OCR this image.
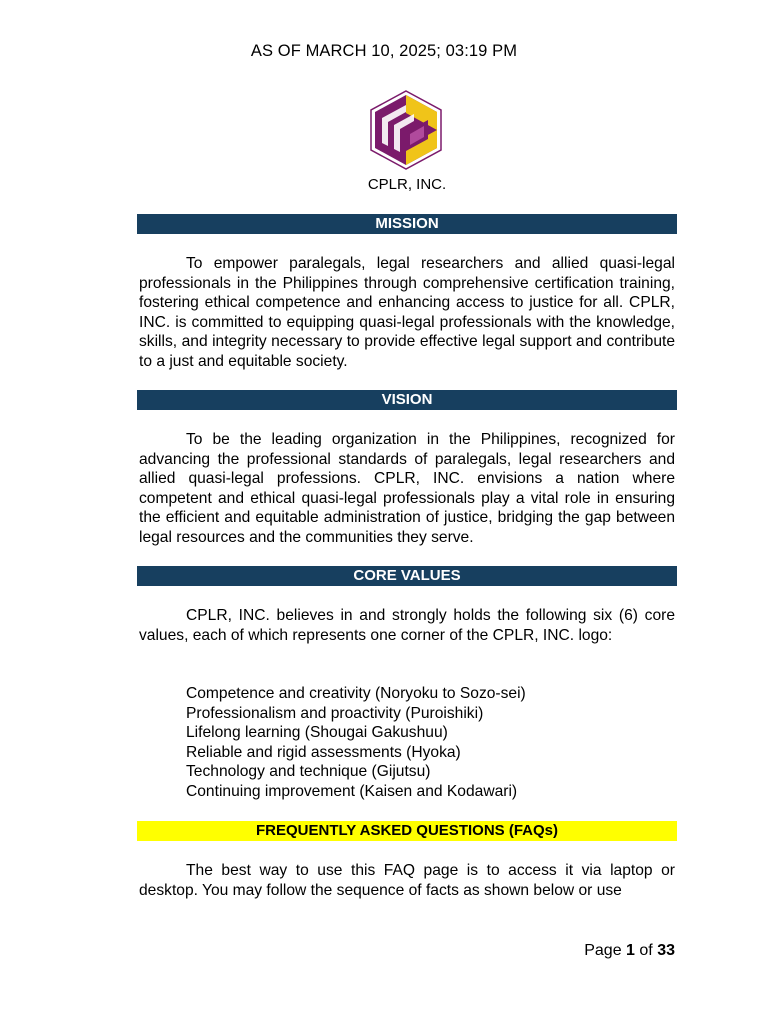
AS OF MARCH 10, 2025; 03:19 PM
CPLR, INC.
MISSION
To empower paralegals, legal researchers and allied quasi-legal professionals in the Philippines through comprehensive certification training, fostering ethical competence and enhancing access to justice for all. CPLR, INC. is committed to equipping quasi-legal professionals with the knowledge, skills, and integrity necessary to provide effective legal support and contribute to a just and equitable society.
VISION
To be the leading organization in the Philippines, recognized for advancing the professional standards of paralegals, legal researchers and allied quasi-legal professions. CPLR, INC. envisions a nation where competent and ethical quasi-legal professionals play a vital role in ensuring the efficient and equitable administration of justice, bridging the gap between legal resources and the communities they serve.
CORE VALUES
CPLR, INC. believes in and strongly holds the following six (6) core values, each of which represents one corner of the CPLR, INC. logo:
Competence and creativity (Noryoku to Sozo-sei)
Professionalism and proactivity (Puroishiki)
Lifelong learning (Shougai Gakushuu)
Reliable and rigid assessments (Hyoka)
Technology and technique (Gijutsu)
Continuing improvement (Kaisen and Kodawari)
FREQUENTLY ASKED QUESTIONS (FAQs)
The best way to use this FAQ page is to access it via laptop or desktop. You may follow the sequence of facts as shown below or use
Page 1 of 33
